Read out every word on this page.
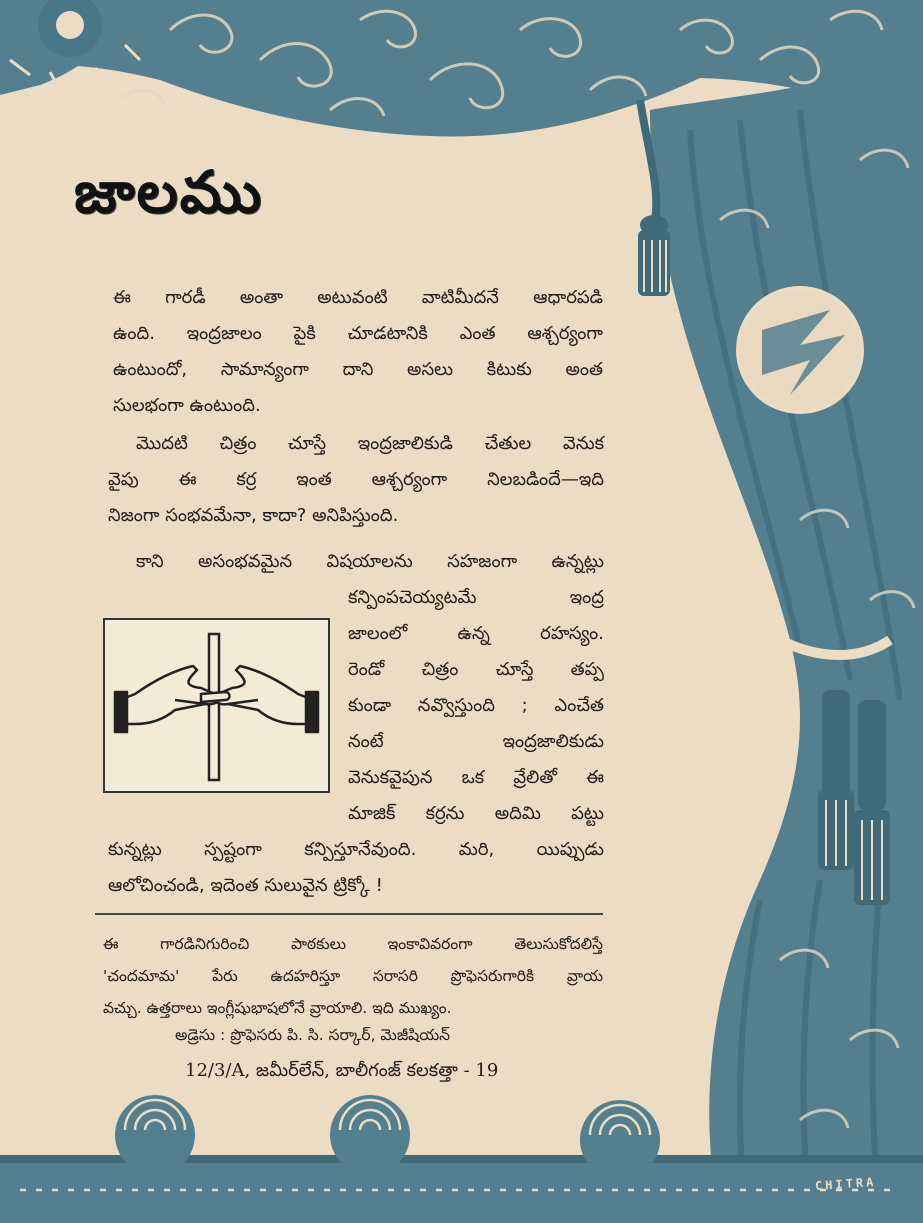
జాలము
ఈ గారడీ అంతా అటువంటి వాటిమీదనే ఆధారపడి
ఉంది. ఇంద్రజాలం పైకి చూడటానికి ఎంత ఆశ్చర్యంగా
ఉంటుందో, సామాన్యంగా దాని అసలు కిటుకు అంత
సులభంగా ఉంటుంది.
మొదటి చిత్రం చూస్తే ఇంద్రజాలికుడి చేతుల వెనుక
వైపు ఈ కర్ర ఇంత ఆశ్చర్యంగా నిలబడిందే—ఇది
నిజంగా సంభవమేనా, కాదా? అనిపిస్తుంది.
కాని అసంభవమైన విషయాలను సహజంగా ఉన్నట్లు
కన్పింపచెయ్యటమే ఇంద్ర
జాలంలో ఉన్న రహస్యం.
రెండో చిత్రం చూస్తే తప్ప
కుండా నవ్వొస్తుంది ; ఎంచేత
నంటే ఇంద్రజాలికుడు
వెనుకవైపున ఒక వ్రేలితో ఈ
మాజిక్ కర్రను అదిమి పట్టు
కున్నట్లు స్పష్టంగా కన్పిస్తూనేవుంది. మరి, యిప్పుడు
ఆలోచించండి, ఇదెంత సులువైన ట్రిక్కో !
ఈ గారడినిగురించి పాఠకులు ఇంకావివరంగా తెలుసుకోదలిస్తే
'చందమామ' పేరు ఉదహరిస్తూ సరాసరి ప్రొఫెసరుగారికి వ్రాయ
వచ్చు. ఉత్తరాలు ఇంగ్లీషుభాషలోనే వ్రాయాలి. ఇది ముఖ్యం.
అడ్రెసు : ప్రొఫెసరు పి. సి. సర్కార్, మెజీషియన్
12/3/A, జమీర్‌లేన్, బాలీగంజ్ కలకత్తా - 19
CHITRA
